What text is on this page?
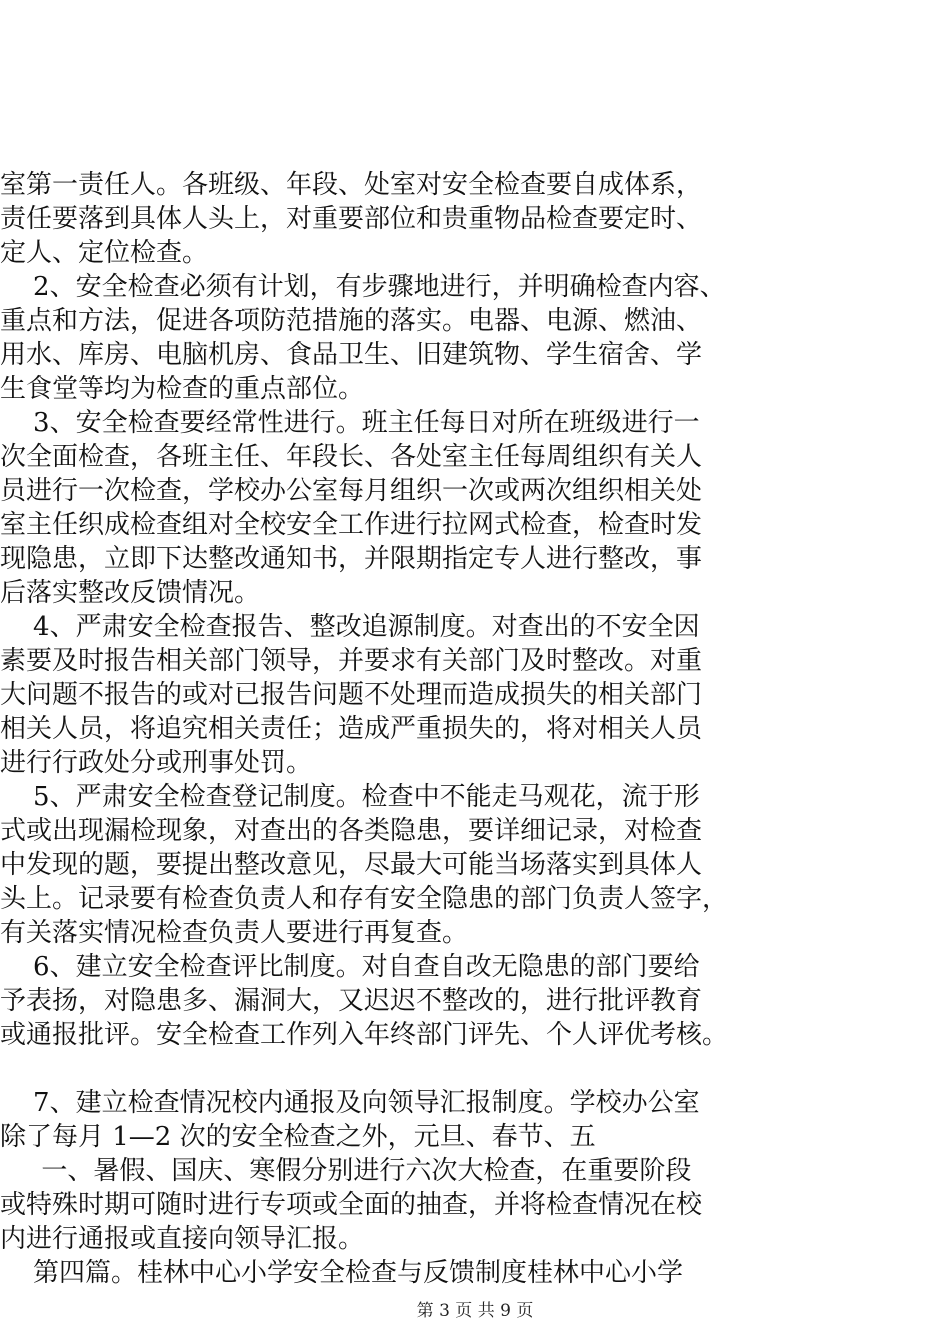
室第一责任人。各班级、年段、处室对安全检查要自成体系，
责任要落到具体人头上，对重要部位和贵重物品检查要定时、
定人、定位检查。
2、安全检查必须有计划，有步骤地进行，并明确检查内容、
重点和方法，促进各项防范措施的落实。电器、电源、燃油、
用水、库房、电脑机房、食品卫生、旧建筑物、学生宿舍、学
生食堂等均为检查的重点部位。
3、安全检查要经常性进行。班主任每日对所在班级进行一
次全面检查，各班主任、年段长、各处室主任每周组织有关人
员进行一次检查，学校办公室每月组织一次或两次组织相关处
室主任织成检查组对全校安全工作进行拉网式检查，检查时发
现隐患，立即下达整改通知书，并限期指定专人进行整改，事
后落实整改反馈情况。
4、严肃安全检查报告、整改追源制度。对查出的不安全因
素要及时报告相关部门领导，并要求有关部门及时整改。对重
大问题不报告的或对已报告问题不处理而造成损失的相关部门
相关人员，将追究相关责任；造成严重损失的，将对相关人员
进行行政处分或刑事处罚。
5、严肃安全检查登记制度。检查中不能走马观花，流于形
式或出现漏检现象，对查出的各类隐患，要详细记录，对检查
中发现的题，要提出整改意见，尽最大可能当场落实到具体人
头上。记录要有检查负责人和存有安全隐患的部门负责人签字，
有关落实情况检查负责人要进行再复查。
6、建立安全检查评比制度。对自查自改无隐患的部门要给
予表扬，对隐患多、漏洞大，又迟迟不整改的，进行批评教育
或通报批评。安全检查工作列入年终部门评先、个人评优考核。
7、建立检查情况校内通报及向领导汇报制度。学校办公室
除了每月 1—2 次的安全检查之外，元旦、春节、五
一、暑假、国庆、寒假分别进行六次大检查，在重要阶段
或特殊时期可随时进行专项或全面的抽查，并将检查情况在校
内进行通报或直接向领导汇报。
第四篇。桂林中心小学安全检查与反馈制度桂林中心小学
第 3 页 共 9 页
